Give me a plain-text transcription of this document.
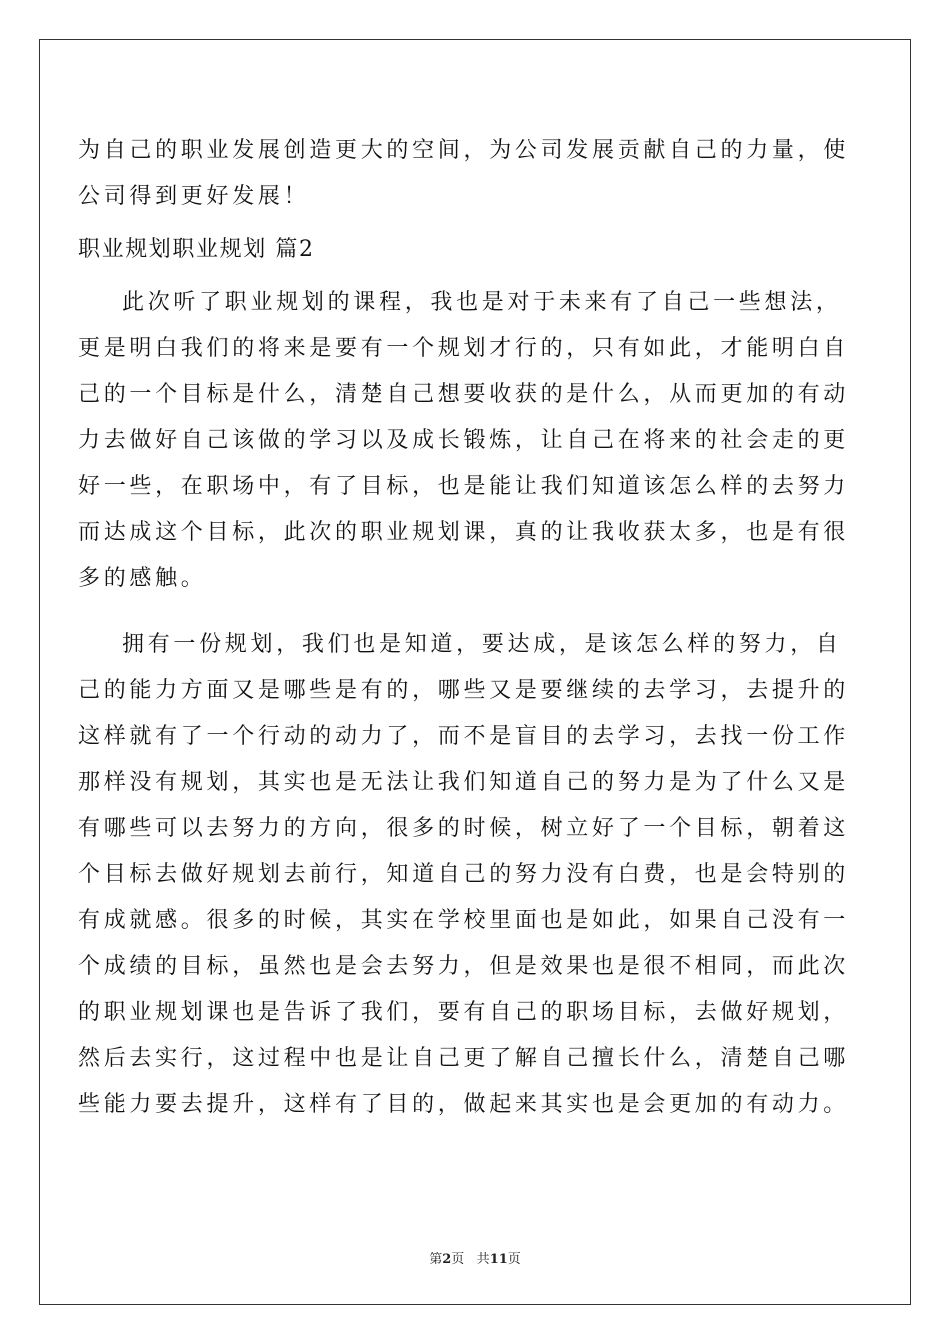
为自己的职业发展创造更大的空间，为公司发展贡献自己的力量，使
公司得到更好发展！
职业规划职业规划 篇2
此次听了职业规划的课程，我也是对于未来有了自己一些想法，
更是明白我们的将来是要有一个规划才行的，只有如此，才能明白自
己的一个目标是什么，清楚自己想要收获的是什么，从而更加的有动
力去做好自己该做的学习以及成长锻炼，让自己在将来的社会走的更
好一些，在职场中，有了目标，也是能让我们知道该怎么样的去努力
而达成这个目标，此次的职业规划课，真的让我收获太多，也是有很
多的感触。
拥有一份规划，我们也是知道，要达成，是该怎么样的努力，自
己的能力方面又是哪些是有的，哪些又是要继续的去学习，去提升的
这样就有了一个行动的动力了，而不是盲目的去学习，去找一份工作
那样没有规划，其实也是无法让我们知道自己的努力是为了什么又是
有哪些可以去努力的方向，很多的时候，树立好了一个目标，朝着这
个目标去做好规划去前行，知道自己的努力没有白费，也是会特别的
有成就感。很多的时候，其实在学校里面也是如此，如果自己没有一
个成绩的目标，虽然也是会去努力，但是效果也是很不相同，而此次
的职业规划课也是告诉了我们，要有自己的职场目标，去做好规划，
然后去实行，这过程中也是让自己更了解自己擅长什么，清楚自己哪
些能力要去提升，这样有了目的，做起来其实也是会更加的有动力。
第2页 共11页
